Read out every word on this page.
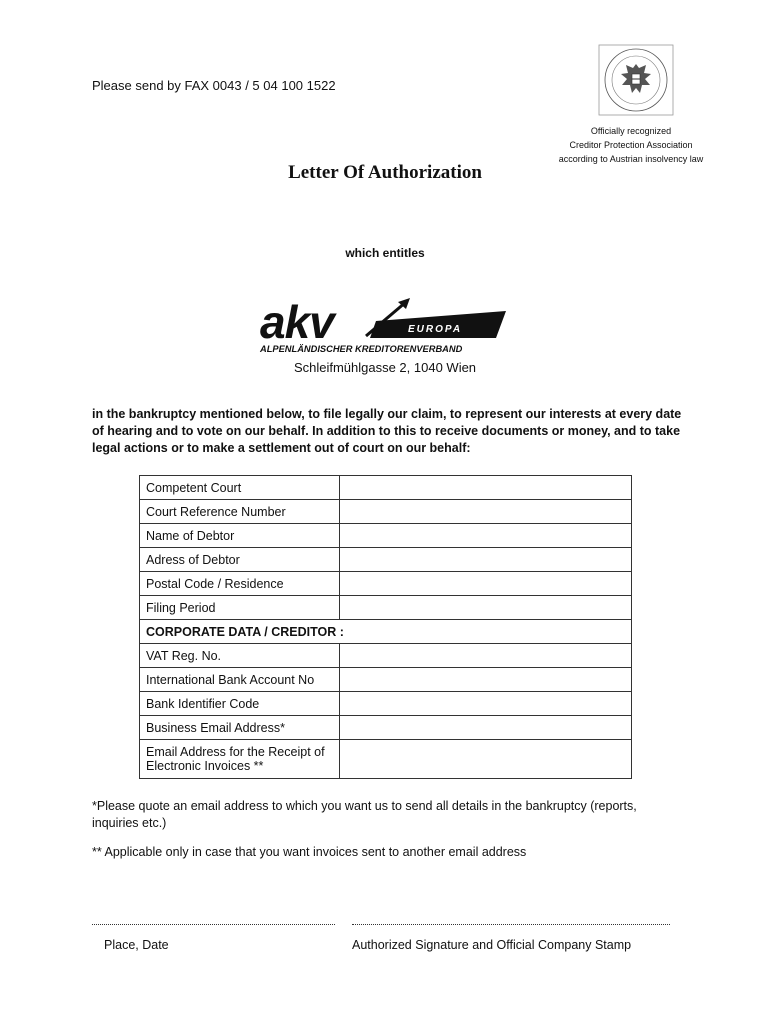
Please send by FAX 0043 / 5 04 100 1522
Officially recognized
Creditor Protection Association
according to Austrian insolvency law
Letter Of Authorization
which entitles
akv	EUROPA
ALPENLÄNDISCHER KREDITORENVERBAND
Schleifmühlgasse 2, 1040 Wien
in the bankruptcy mentioned below, to file legally our claim, to represent our interests at every date of hearing and to vote on our behalf. In addition to this to receive documents or money, and to take legal actions or to make a settlement out of court on our behalf:
Competent Court	
Court Reference Number	
Name of Debtor	
Adress of Debtor	
Postal Code / Residence	
Filing Period	
CORPORATE DATA / CREDITOR :	
VAT Reg. No.	
International Bank Account No	
Bank Identifier Code	
Business Email Address*	

Email Address for the Receipt of
Electronic Invoices **	

*Please quote an email address to which you want us to send all details in the bankruptcy (reports, inquiries etc.)
** Applicable only in case that you want invoices sent to another email address
Place, Date	Authorized Signature and Official Company Stamp
